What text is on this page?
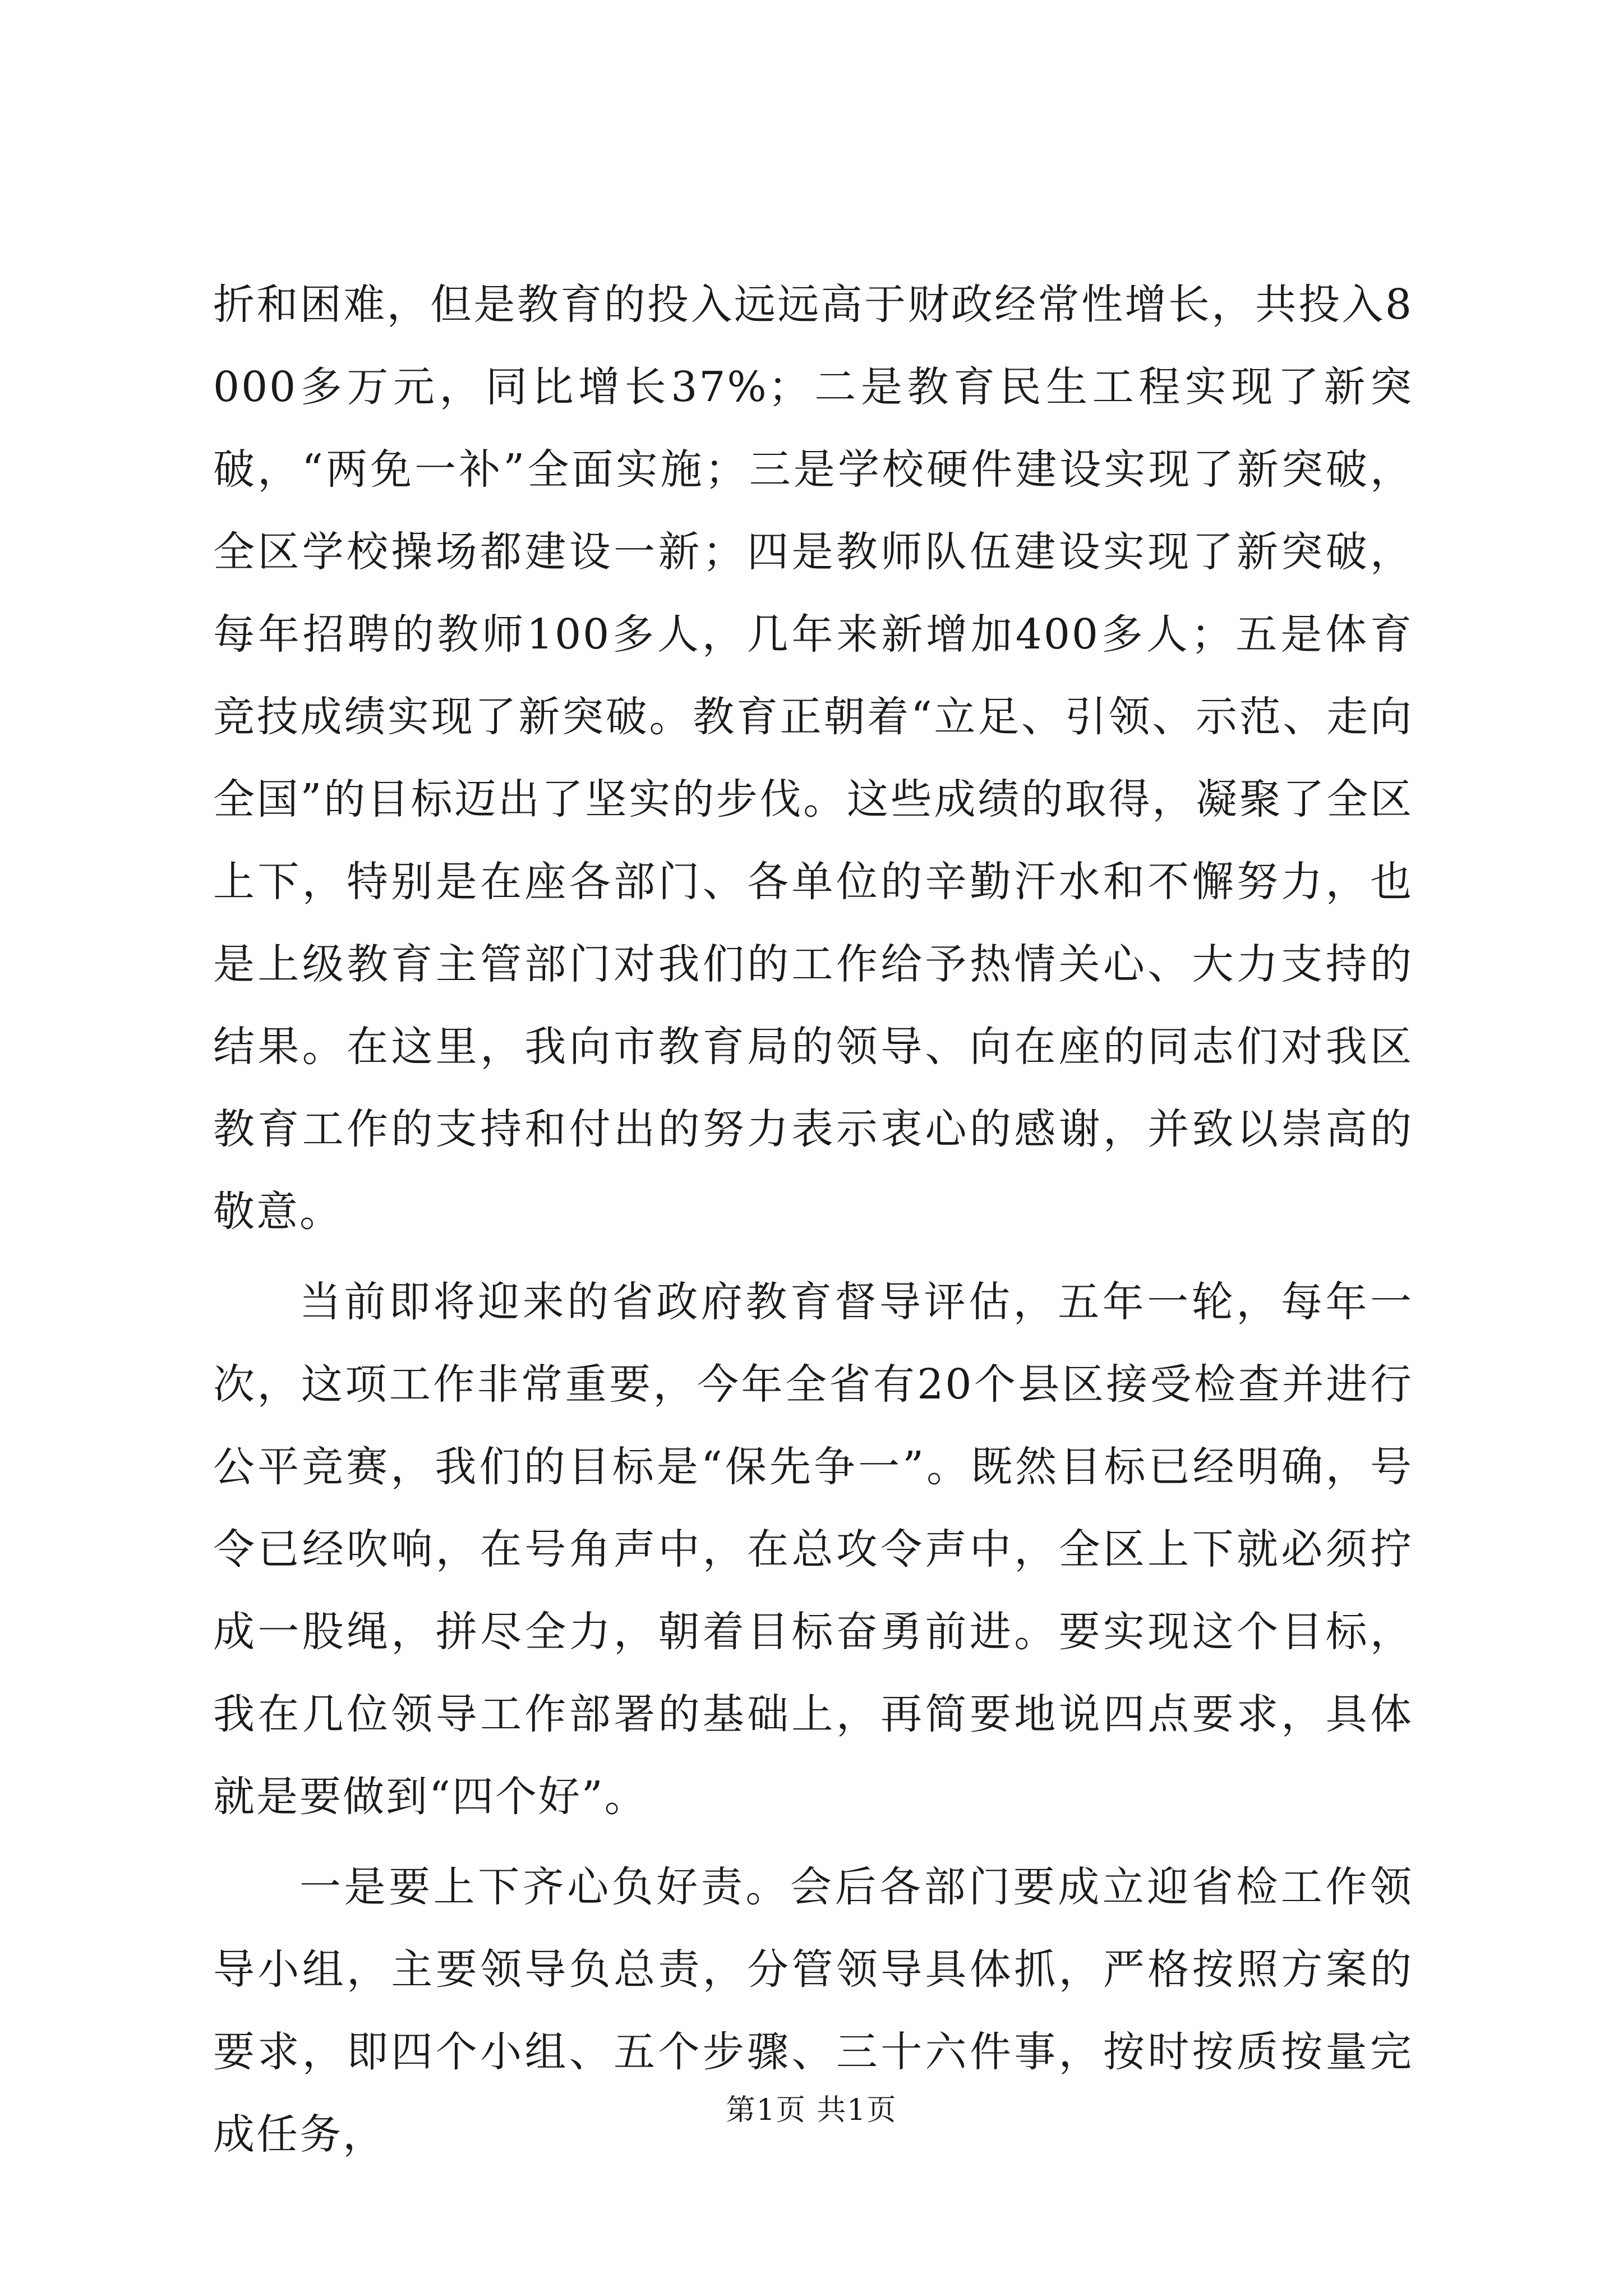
折和困难，但是教育的投入远远高于财政经常性增长，共投入8000多万元，同比增长37%；二是教育民生工程实现了新突破，“两免一补”全面实施；三是学校硬件建设实现了新突破，全区学校操场都建设一新；四是教师队伍建设实现了新突破，每年招聘的教师100多人，几年来新增加400多人；五是体育竞技成绩实现了新突破。教育正朝着“立足、引领、示范、走向全国”的目标迈出了坚实的步伐。这些成绩的取得，凝聚了全区上下，特别是在座各部门、各单位的辛勤汗水和不懈努力，也是上级教育主管部门对我们的工作给予热情关心、大力支持的结果。在这里，我向市教育局的领导、向在座的同志们对我区教育工作的支持和付出的努力表示衷心的感谢，并致以崇高的敬意。

当前即将迎来的省政府教育督导评估，五年一轮，每年一次，这项工作非常重要，今年全省有20个县区接受检查并进行公平竞赛，我们的目标是“保先争一”。既然目标已经明确，号令已经吹响，在号角声中，在总攻令声中，全区上下就必须拧成一股绳，拼尽全力，朝着目标奋勇前进。要实现这个目标，我在几位领导工作部署的基础上，再简要地说四点要求，具体就是要做到“四个好”。

一是要上下齐心负好责。会后各部门要成立迎省检工作领导小组，主要领导负总责，分管领导具体抓，严格按照方案的要求，即四个小组、五个步骤、三十六件事，按时按质按量完成任务，	第1页 共1页
